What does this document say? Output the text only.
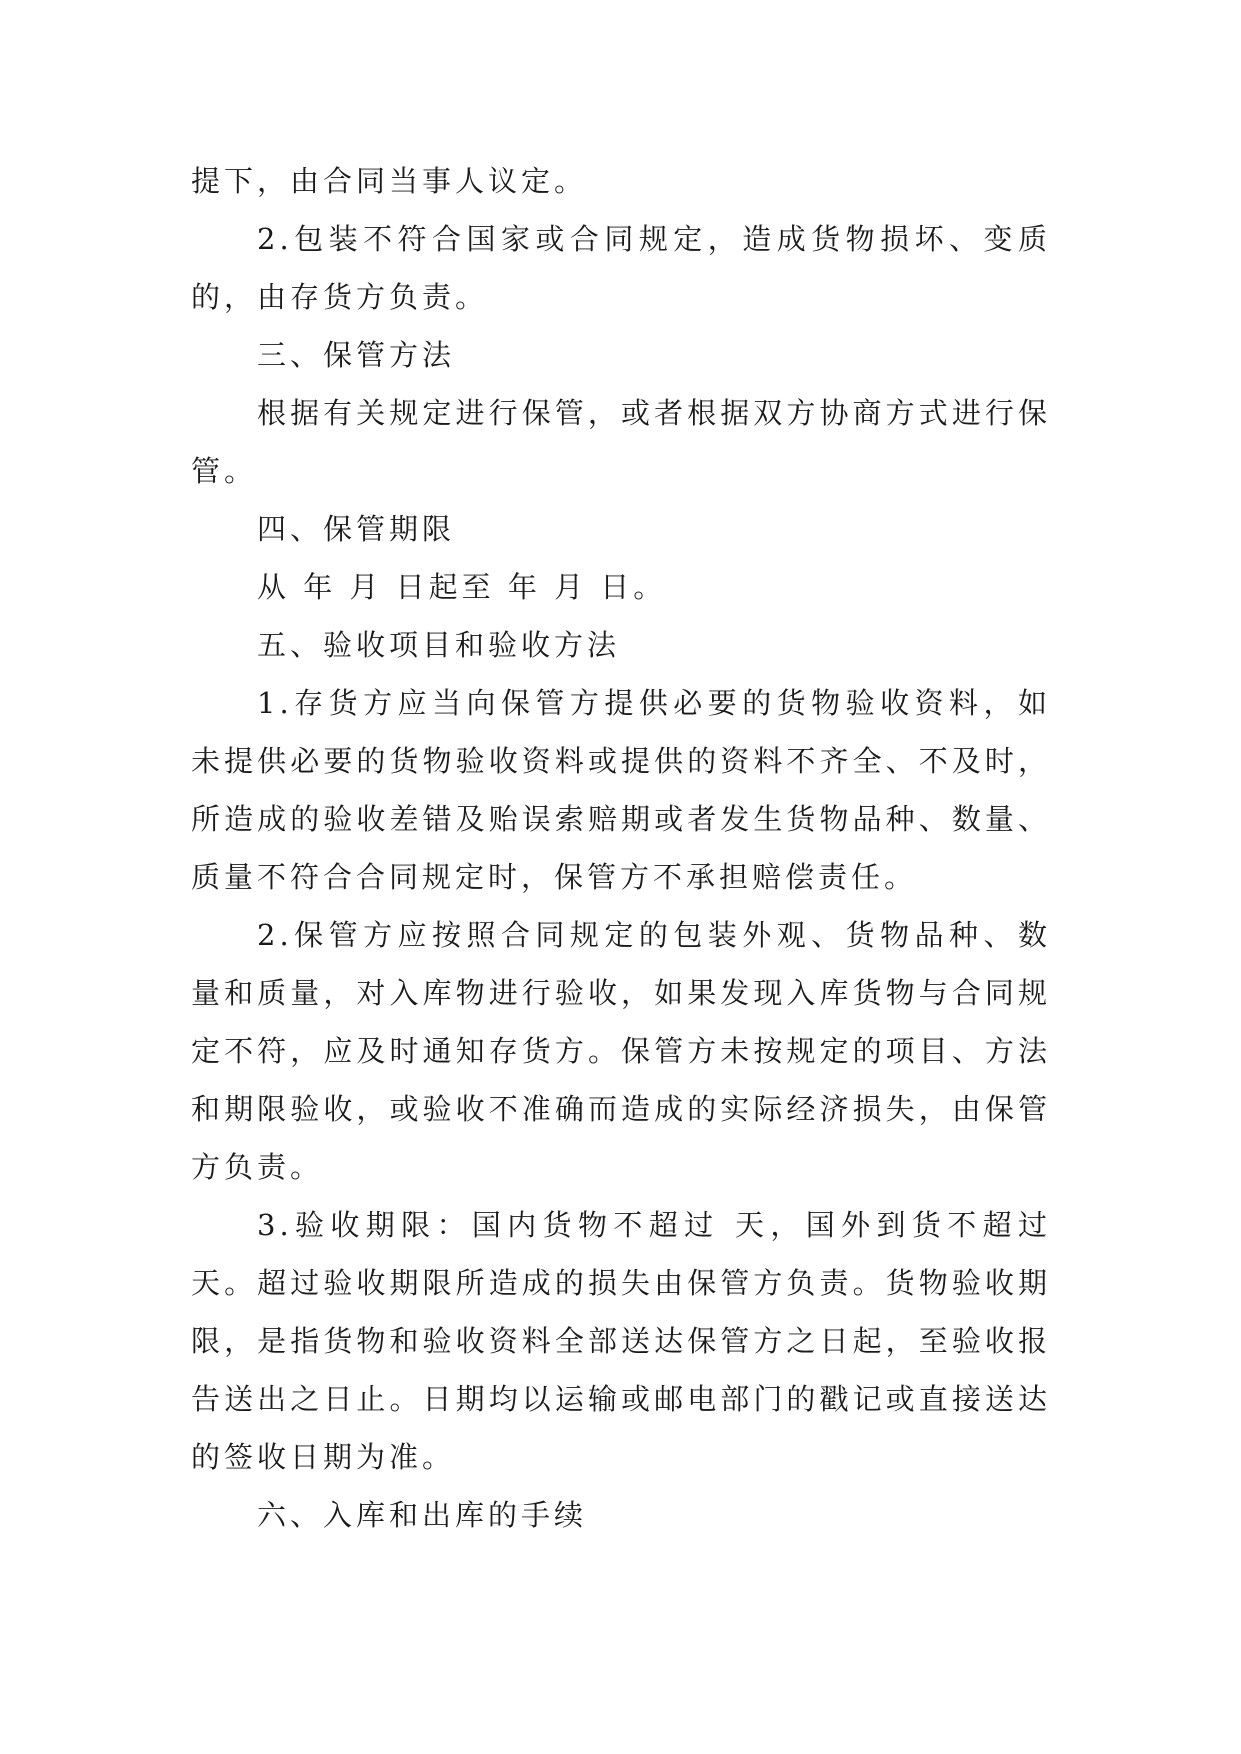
提下，由合同当事人议定。

2.包装不符合国家或合同规定，造成货物损坏、变质的，由存货方负责。

三、保管方法

根据有关规定进行保管，或者根据双方协商方式进行保管。

四、保管期限

从 年 月 日起至 年 月 日。

五、验收项目和验收方法

1.存货方应当向保管方提供必要的货物验收资料，如未提供必要的货物验收资料或提供的资料不齐全、不及时，所造成的验收差错及贻误索赔期或者发生货物品种、数量、质量不符合合同规定时，保管方不承担赔偿责任。

2.保管方应按照合同规定的包装外观、货物品种、数量和质量，对入库物进行验收，如果发现入库货物与合同规定不符，应及时通知存货方。保管方未按规定的项目、方法和期限验收，或验收不准确而造成的实际经济损失，由保管方负责。

3.验收期限：国内货物不超过 天，国外到货不超过 天。超过验收期限所造成的损失由保管方负责。货物验收期限，是指货物和验收资料全部送达保管方之日起，至验收报告送出之日止。日期均以运输或邮电部门的戳记或直接送达的签收日期为准。

六、入库和出库的手续
